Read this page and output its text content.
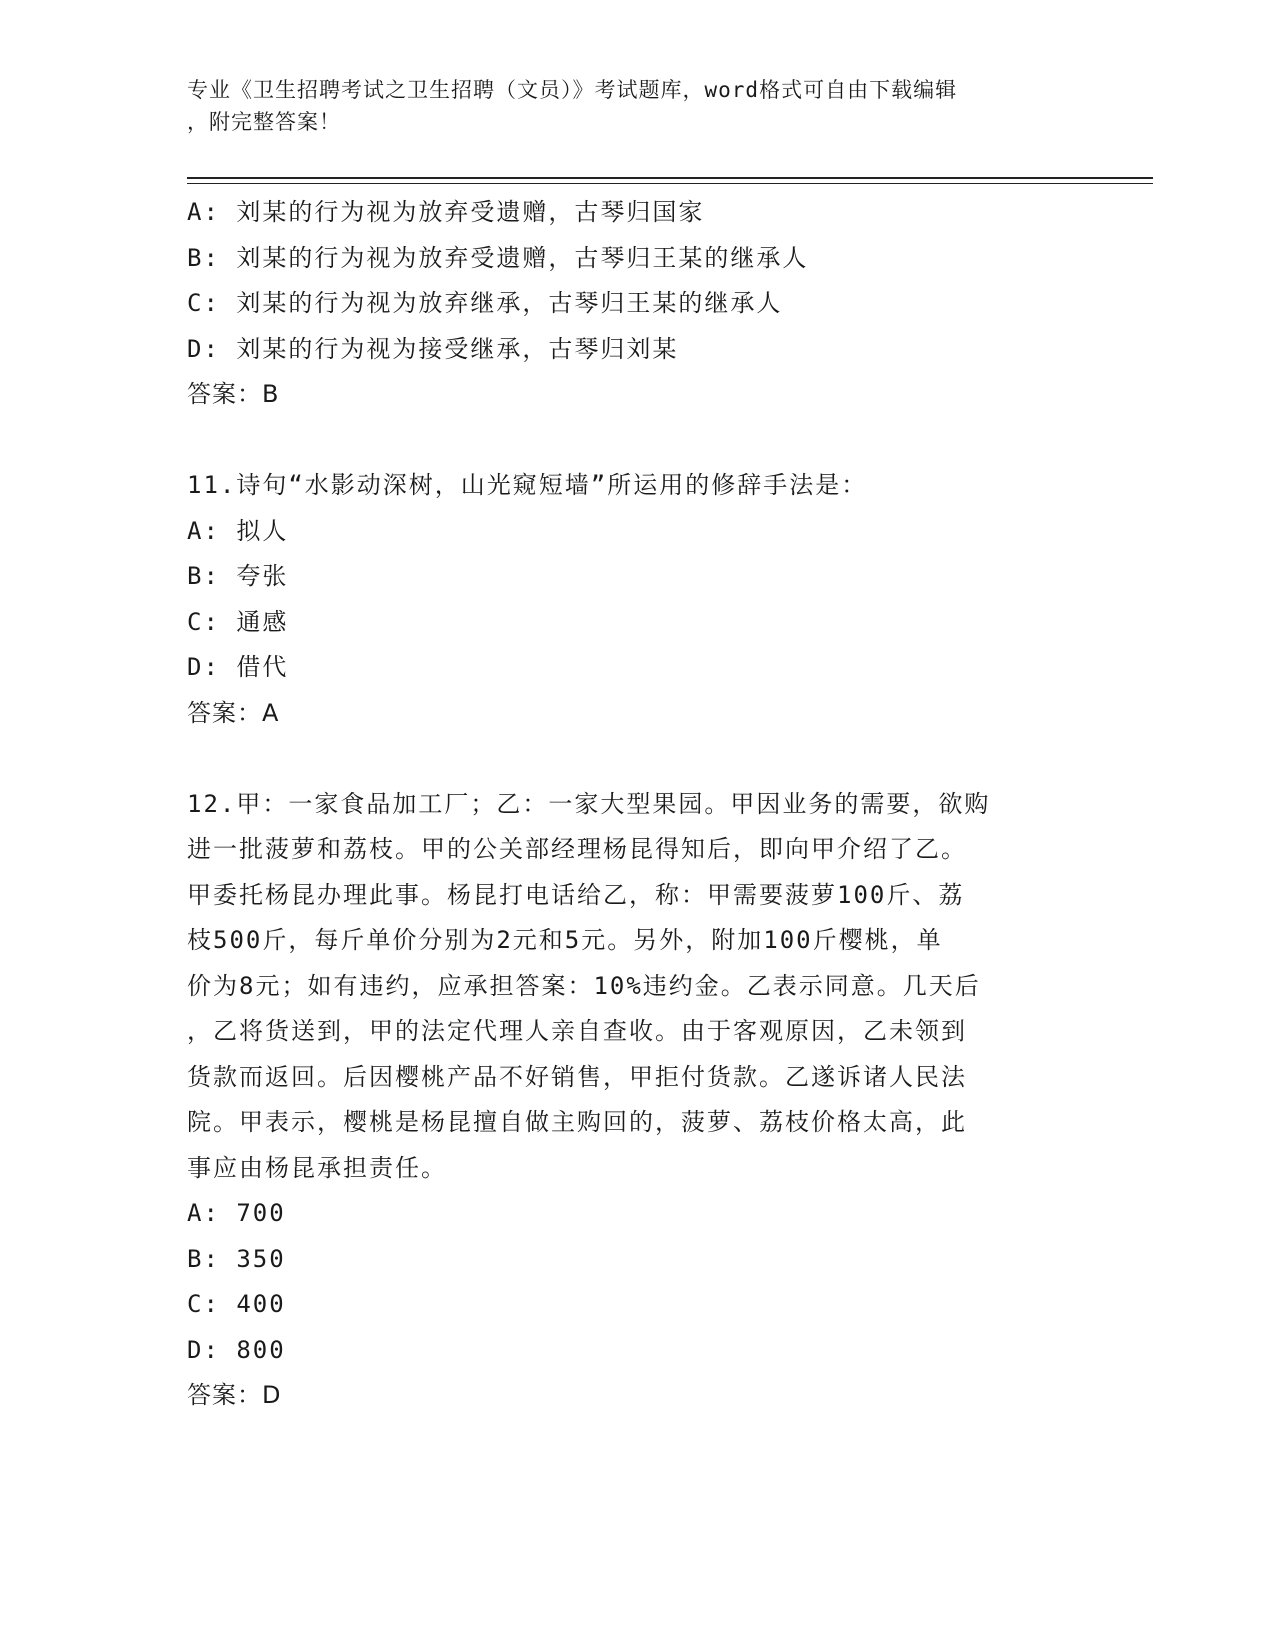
专业《卫生招聘考试之卫生招聘（文员）》考试题库，word格式可自由下载编辑
，附完整答案！
A: 刘某的行为视为放弃受遗赠，古琴归国家
B: 刘某的行为视为放弃受遗赠，古琴归王某的继承人
C: 刘某的行为视为放弃继承，古琴归王某的继承人
D: 刘某的行为视为接受继承，古琴归刘某
答案：B
11.诗句“水影动深树，山光窥短墙”所运用的修辞手法是：
A: 拟人
B: 夸张
C: 通感
D: 借代
答案：A
12.甲：一家食品加工厂；乙：一家大型果园。甲因业务的需要，欲购
进一批菠萝和荔枝。甲的公关部经理杨昆得知后，即向甲介绍了乙。
甲委托杨昆办理此事。杨昆打电话给乙，称：甲需要菠萝100斤、荔
枝500斤，每斤单价分别为2元和5元。另外，附加100斤樱桃，单
价为8元；如有违约，应承担答案：10%违约金。乙表示同意。几天后
，乙将货送到，甲的法定代理人亲自查收。由于客观原因，乙未领到
货款而返回。后因樱桃产品不好销售，甲拒付货款。乙遂诉诸人民法
院。甲表示，樱桃是杨昆擅自做主购回的，菠萝、荔枝价格太高，此
事应由杨昆承担责任。
A: 700
B: 350
C: 400
D: 800
答案：D
